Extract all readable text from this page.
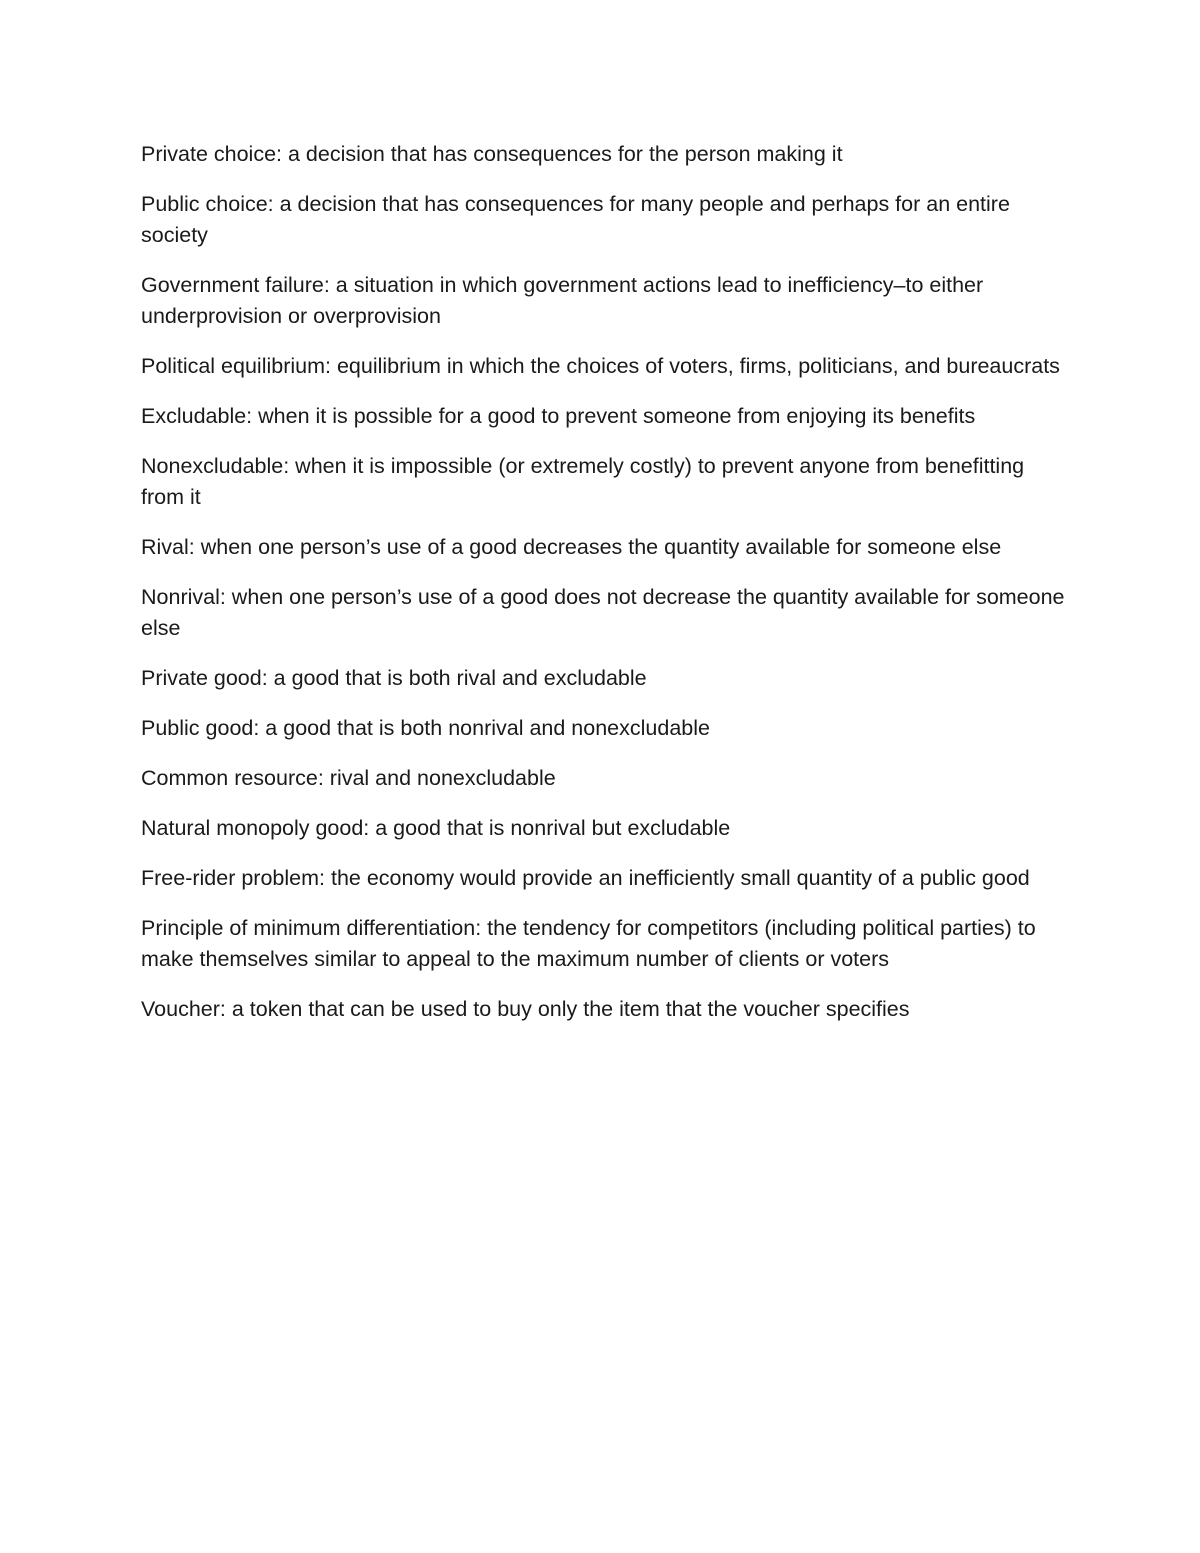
Private choice: a decision that has consequences for the person making it

Public choice: a decision that has consequences for many people and perhaps for an entire society

Government failure: a situation in which government actions lead to inefficiency–to either underprovision or overprovision

Political equilibrium: equilibrium in which the choices of voters, firms, politicians, and bureaucrats

Excludable: when it is possible for a good to prevent someone from enjoying its benefits

Nonexcludable: when it is impossible (or extremely costly) to prevent anyone from benefitting from it

Rival: when one person’s use of a good decreases the quantity available for someone else

Nonrival: when one person’s use of a good does not decrease the quantity available for someone else

Private good: a good that is both rival and excludable

Public good: a good that is both nonrival and nonexcludable

Common resource: rival and nonexcludable

Natural monopoly good: a good that is nonrival but excludable

Free-rider problem: the economy would provide an inefficiently small quantity of a public good

Principle of minimum differentiation: the tendency for competitors (including political parties) to make themselves similar to appeal to the maximum number of clients or voters

Voucher: a token that can be used to buy only the item that the voucher specifies
